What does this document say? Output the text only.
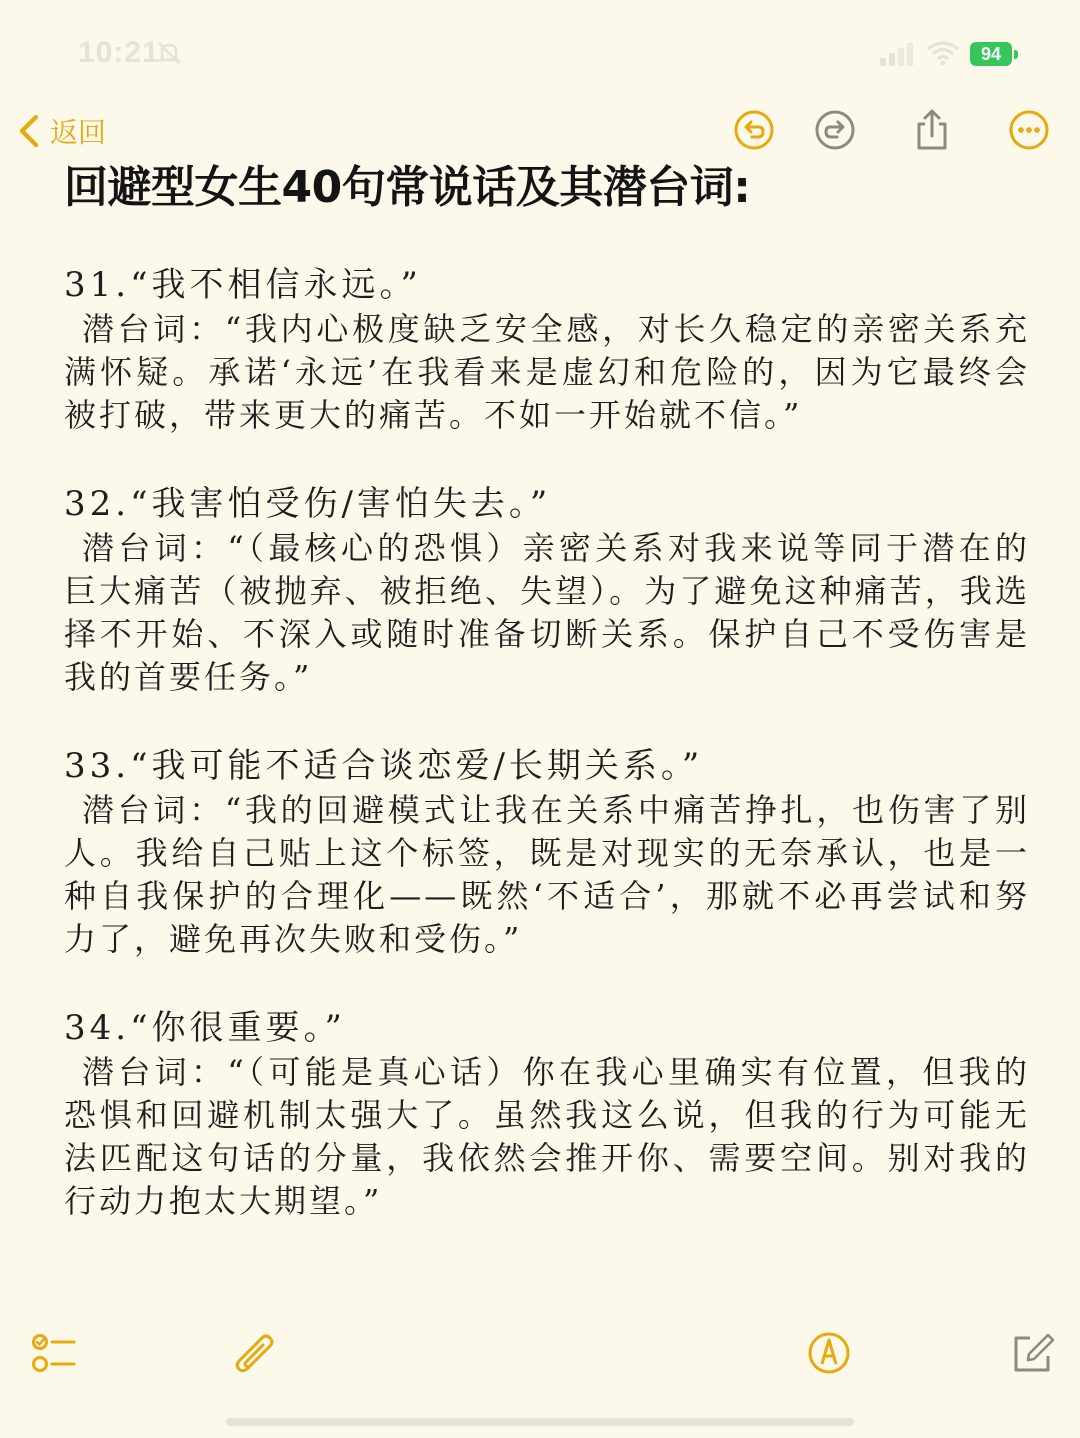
10:21	94
返回
回避型女生40句常说话及其潜台词:
31.“我不相信永远。”
潜台词：“我内心极度缺乏安全感，对长久稳定的亲密关系充满怀疑。承诺‘永远’在我看来是虚幻和危险的，因为它最终会被打破，带来更大的痛苦。不如一开始就不信。”
32.“我害怕受伤/害怕失去。”
潜台词：“（最核心的恐惧）亲密关系对我来说等同于潜在的巨大痛苦（被抛弃、被拒绝、失望）。为了避免这种痛苦，我选择不开始、不深入或随时准备切断关系。保护自己不受伤害是我的首要任务。”
33.“我可能不适合谈恋爱/长期关系。”
潜台词：“我的回避模式让我在关系中痛苦挣扎，也伤害了别人。我给自己贴上这个标签，既是对现实的无奈承认，也是一种自我保护的合理化——既然‘不适合’，那就不必再尝试和努力了，避免再次失败和受伤。”
34.“你很重要。”
潜台词：“（可能是真心话）你在我心里确实有位置，但我的恐惧和回避机制太强大了。虽然我这么说，但我的行为可能无法匹配这句话的分量，我依然会推开你、需要空间。别对我的行动力抱太大期望。”
